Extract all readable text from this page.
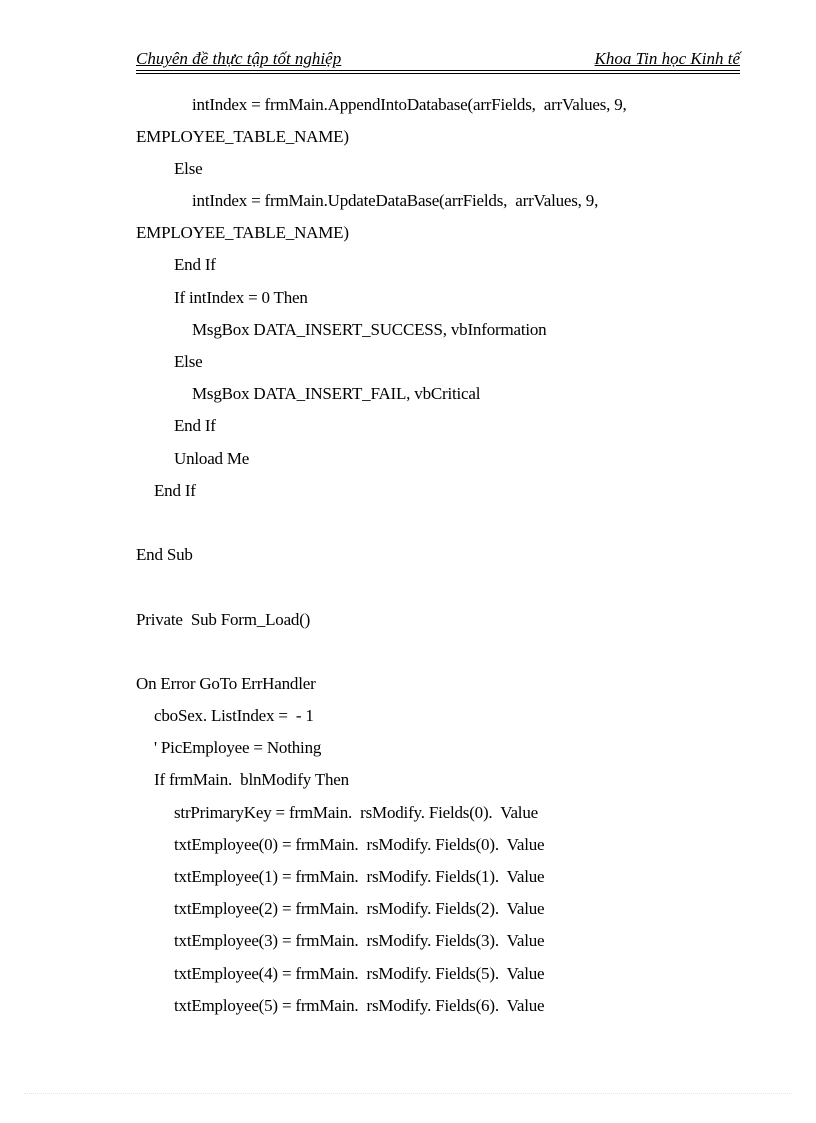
Chuyên đề thực tập tốt nghiệp	Khoa Tin học Kinh tế
intIndex = frmMain.AppendIntoDatabase(arrFields,  arrValues, 9,
EMPLOYEE_TABLE_NAME)
Else
intIndex = frmMain.UpdateDataBase(arrFields,  arrValues, 9,
EMPLOYEE_TABLE_NAME)
End If
If intIndex = 0 Then
MsgBox DATA_INSERT_SUCCESS, vbInformation
Else
MsgBox DATA_INSERT_FAIL, vbCritical
End If
Unload Me
End If
End Sub
Private  Sub Form_Load()
On Error GoTo ErrHandler
cboSex. ListIndex =  - 1
' PicEmployee = Nothing
If frmMain.  blnModify Then
strPrimaryKey = frmMain.  rsModify. Fields(0).  Value
txtEmployee(0) = frmMain.  rsModify. Fields(0).  Value
txtEmployee(1) = frmMain.  rsModify. Fields(1).  Value
txtEmployee(2) = frmMain.  rsModify. Fields(2).  Value
txtEmployee(3) = frmMain.  rsModify. Fields(3).  Value
txtEmployee(4) = frmMain.  rsModify. Fields(5).  Value
txtEmployee(5) = frmMain.  rsModify. Fields(6).  Value
